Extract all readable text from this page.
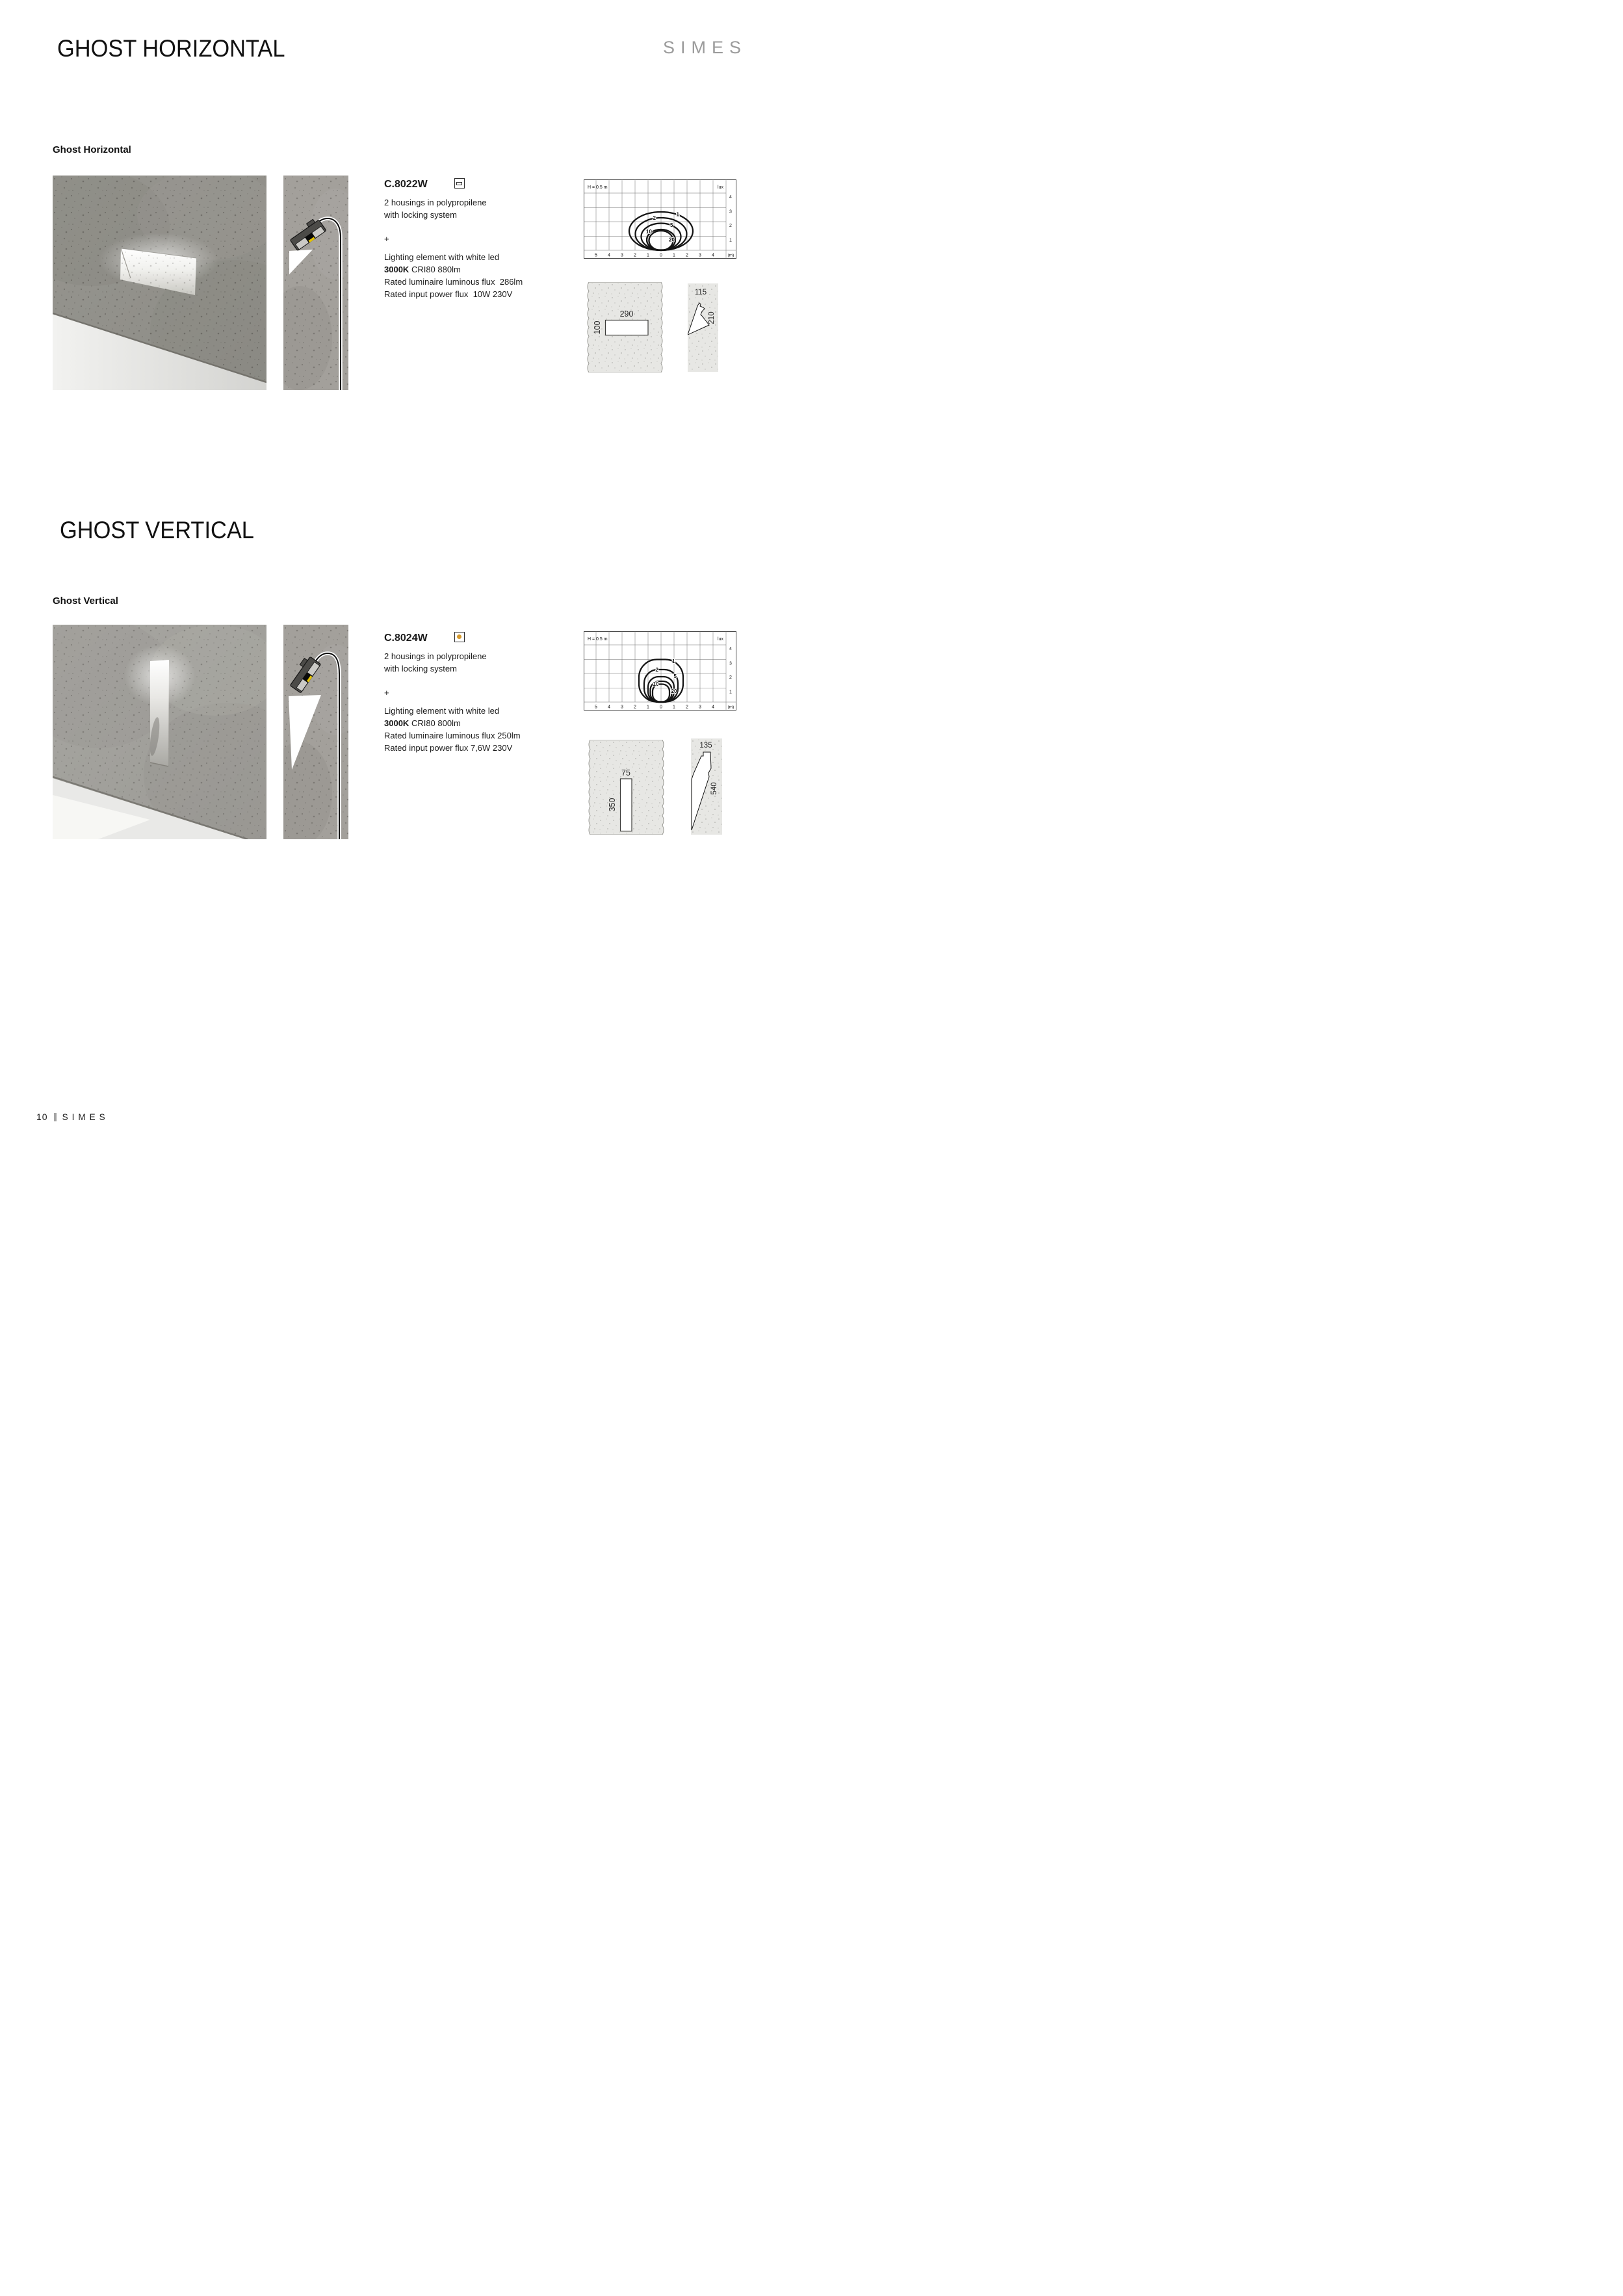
GHOST HORIZONTAL	SIMES
Ghost Horizontal
C.8022W
2 housings in polypropilene
with locking system
+
Lighting element with white led
3000K CRI80 880lm
Rated luminaire luminous flux  286lm
Rated input power flux  10W 230V
H = 0.5 m	lux
1
2
5
10
20
5 4 3 2 1 0 1 2 3 4
4
3
2
1
(m)
290
100
115
210
GHOST VERTICAL
Ghost Vertical
C.8024W
2 housings in polypropilene
with locking system
+
Lighting element with white led
3000K CRI80 800lm
Rated luminaire luminous flux 250lm
Rated input power flux 7,6W 230V
H = 0.5 m	lux
1
2
5
10
20
5 4 3 2 1 0 1 2 3 4
4
3
2
1
(m)
75
350
135
540
10 SIMES
